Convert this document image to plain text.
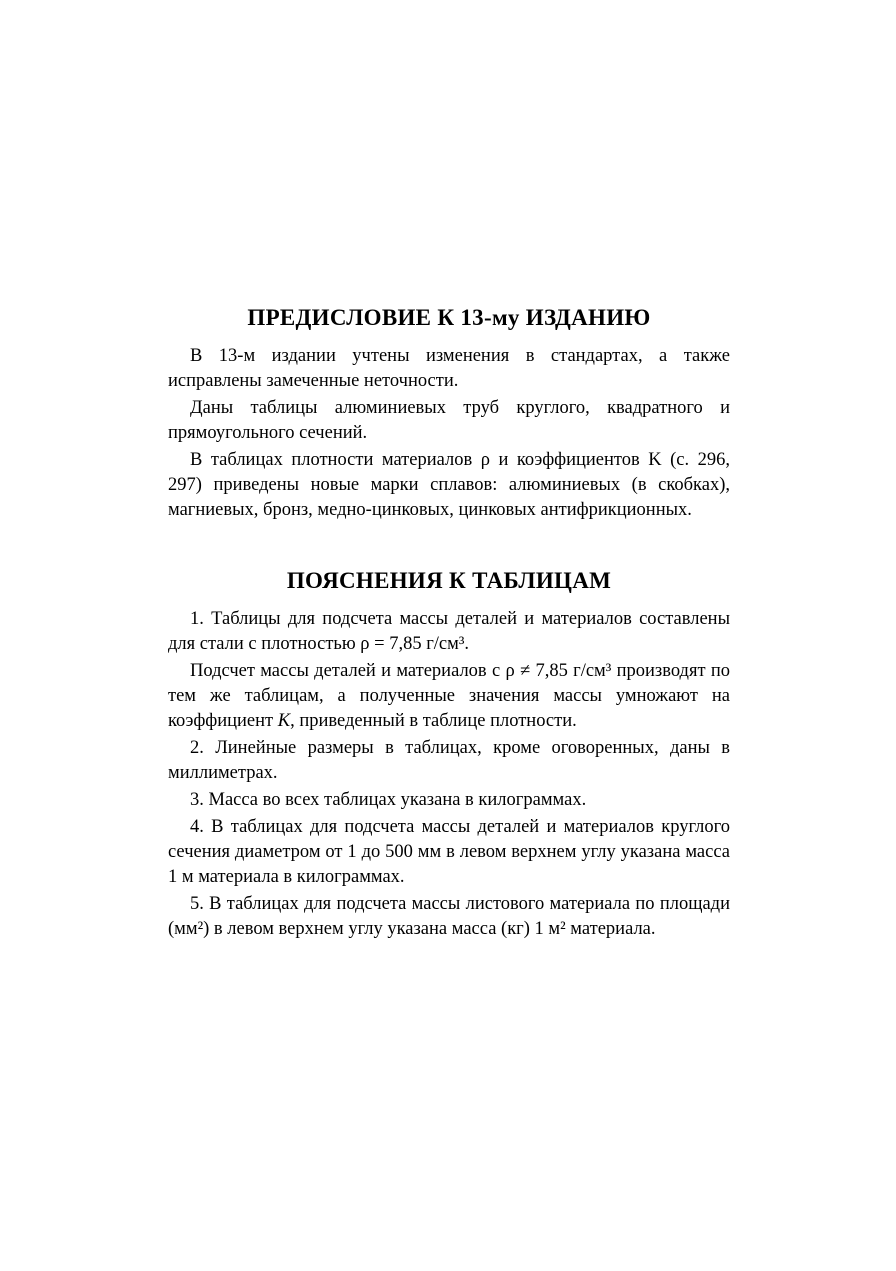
ПРЕДИСЛОВИЕ К 13-му ИЗДАНИЮ

В 13-м издании учтены изменения в стандартах, а также исправлены замеченные неточности.

Даны таблицы алюминиевых труб круглого, квадратного и прямоугольного сечений.

В таблицах плотности материалов ρ и коэффициентов K (с. 296, 297) приведены новые марки сплавов: алюминиевых (в скобках), магниевых, бронз, медно-цинковых, цинковых антифрикционных.

ПОЯСНЕНИЯ К ТАБЛИЦАМ

1. Таблицы для подсчета массы деталей и материалов составлены для стали с плотностью ρ = 7,85 г/см³.

Подсчет массы деталей и материалов с ρ ≠ 7,85 г/см³ производят по тем же таблицам, а полученные значения массы умножают на коэффициент K, приведенный в таблице плотности.

2. Линейные размеры в таблицах, кроме оговоренных, даны в миллиметрах.

3. Масса во всех таблицах указана в килограммах.

4. В таблицах для подсчета массы деталей и материалов круглого сечения диаметром от 1 до 500 мм в левом верхнем углу указана масса 1 м материала в килограммах.

5. В таблицах для подсчета массы листового материала по площади (мм²) в левом верхнем углу указана масса (кг) 1 м² материала.
